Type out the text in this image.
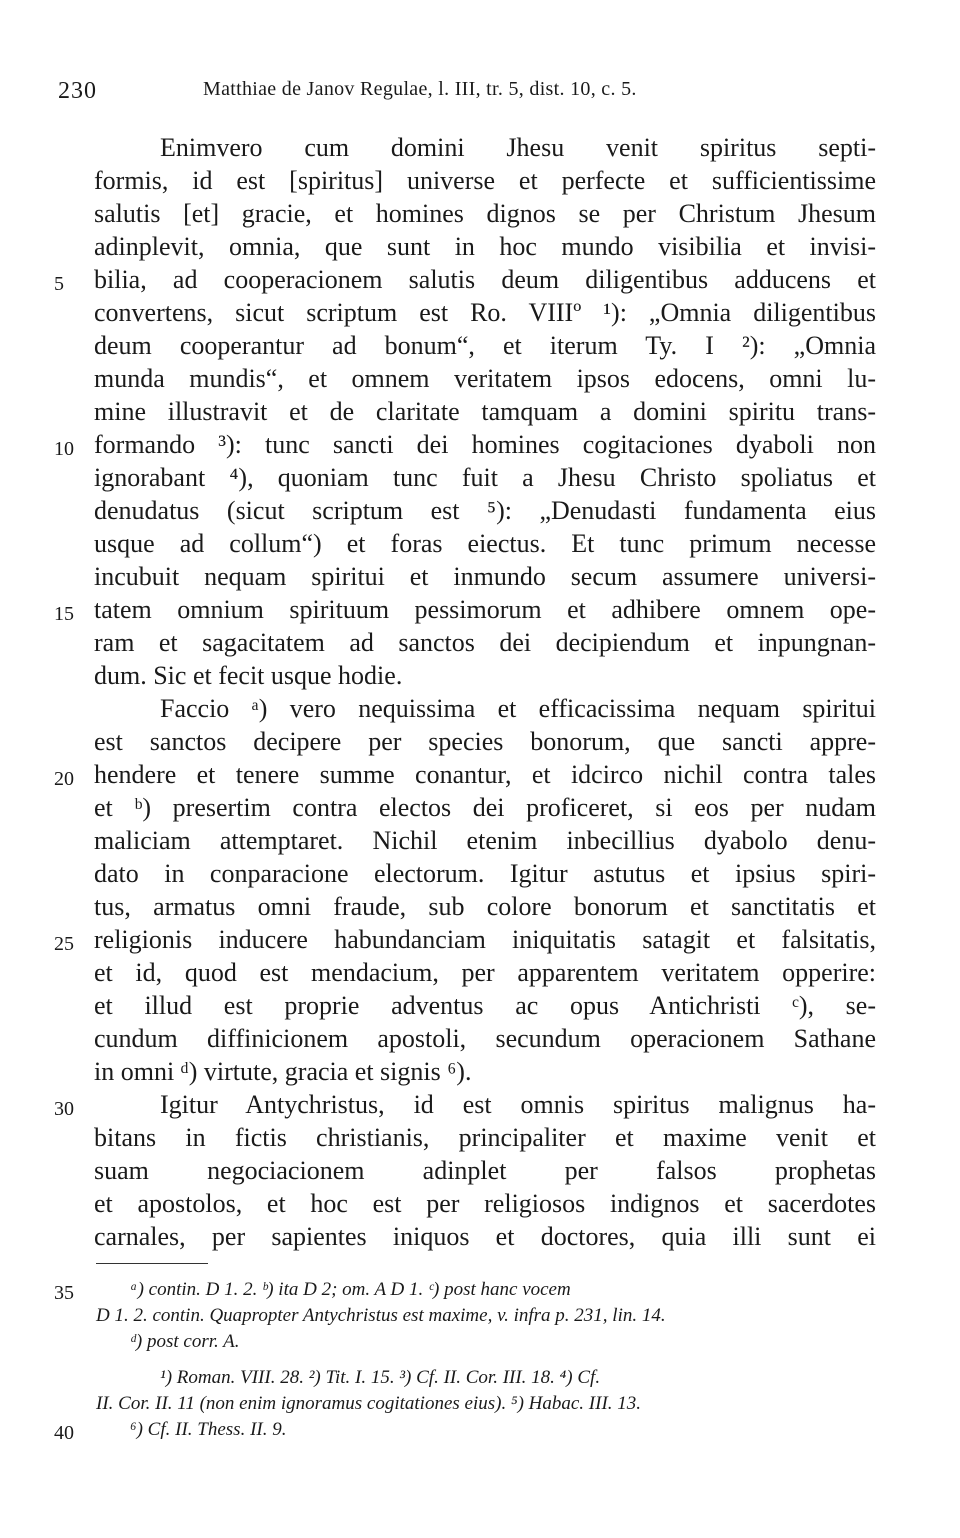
230	Matthiae de Janov Regulae, l. III, tr. 5, dist. 10, c. 5.
Enimvero cum domini Jhesu venit spiritus septi-
formis, id est [spiritus] universe et perfecte et sufficientissime
salutis [et] gracie, et homines dignos se per Christum Jhesum
adinplevit, omnia, que sunt in hoc mundo visibilia et invisi-
bilia, ad cooperacionem salutis deum diligentibus adducens et
convertens, sicut scriptum est Ro. VIIIº ¹): „Omnia diligentibus
deum cooperantur ad bonum“, et iterum Ty. I ²): „Omnia
munda mundis“, et omnem veritatem ipsos edocens, omni lu-
mine illustravit et de claritate tamquam a domini spiritu trans-
formando ³): tunc sancti dei homines cogitaciones dyaboli non
ignorabant ⁴), quoniam tunc fuit a Jhesu Christo spoliatus et
denudatus (sicut scriptum est ⁵): „Denudasti fundamenta eius
usque ad collum“) et foras eiectus. Et tunc primum necesse
incubuit nequam spiritui et inmundo secum assumere universi-
tatem omnium spirituum pessimorum et adhibere omnem ope-
ram et sagacitatem ad sanctos dei decipiendum et inpungnan-
dum. Sic et fecit usque hodie.
Faccio ᵃ) vero nequissima et efficacissima nequam spiritui
est sanctos decipere per species bonorum, que sancti appre-
hendere et tenere summe conantur, et idcirco nichil contra tales
et ᵇ) presertim contra electos dei proficeret, si eos per nudam
maliciam attemptaret. Nichil etenim inbecillius dyabolo denu-
dato in conparacione electorum. Igitur astutus et ipsius spiri-
tus, armatus omni fraude, sub colore bonorum et sanctitatis et
religionis inducere habundanciam iniquitatis satagit et falsitatis,
et id, quod est mendacium, per apparentem veritatem opperire:
et illud est proprie adventus ac opus Antichristi ᶜ), se-
cundum diffinicionem apostoli, secundum operacionem Sathane
in omni ᵈ) virtute, gracia et signis ⁶).
Igitur Antychristus, id est omnis spiritus malignus ha-
bitans in fictis christianis, principaliter et maxime venit et
suam negociacionem adinplet per falsos prophetas
et apostolos, et hoc est per religiosos indignos et sacerdotes
carnales, per sapientes iniquos et doctores, quia illi sunt ei
5
10
15
20
25
30
35	ᵃ) contin. D 1. 2. ᵇ) ita D 2; om. A D 1. ᶜ) post hanc vocem
D 1. 2. contin. Quapropter Antychristus est maxime, v. infra p. 231, lin. 14.
ᵈ) post corr. A.
¹) Roman. VIII. 28. ²) Tit. I. 15. ³) Cf. II. Cor. III. 18. ⁴) Cf.
II. Cor. II. 11 (non enim ignoramus cogitationes eius). ⁵) Habac. III. 13.
40	⁶) Cf. II. Thess. II. 9.
